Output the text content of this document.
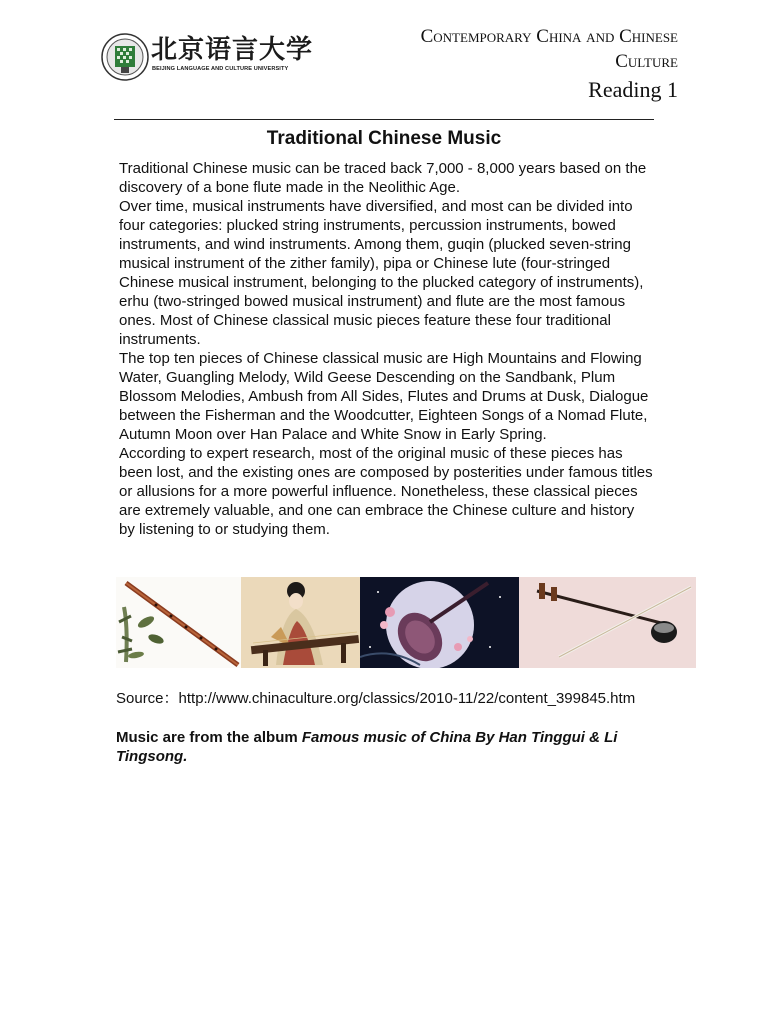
北京语言大学
BEIJING LANGUAGE AND CULTURE UNIVERSITY
Contemporary China and Chinese
Culture
Reading 1
Traditional Chinese Music

Traditional Chinese music can be traced back 7,000 - 8,000 years based on the discovery of a bone flute made in the Neolithic Age.

Over time, musical instruments have diversified, and most can be divided into four categories: plucked string instruments, percussion instruments, bowed instruments, and wind instruments. Among them, guqin (plucked seven-string musical instrument of the zither family), pipa or Chinese lute (four-stringed Chinese musical instrument, belonging to the plucked category of instruments), erhu (two-stringed bowed musical instrument) and flute are the most famous ones. Most of Chinese classical music pieces feature these four traditional instruments.

The top ten pieces of Chinese classical music are High Mountains and Flowing Water, Guangling Melody, Wild Geese Descending on the Sandbank, Plum Blossom Melodies, Ambush from All Sides, Flutes and Drums at Dusk, Dialogue between the Fisherman and the Woodcutter, Eighteen Songs of a Nomad Flute, Autumn Moon over Han Palace and White Snow in Early Spring.

According to expert research, most of the original music of these pieces has been lost, and the existing ones are composed by posterities under famous titles or allusions for a more powerful influence. Nonetheless, these classical pieces are extremely valuable, and one can embrace the Chinese culture and history by listening to or studying them.

Source：http://www.chinaculture.org/classics/2010-11/22/content_399845.htm
Music are from the album Famous music of China By Han Tinggui & Li Tingsong.
